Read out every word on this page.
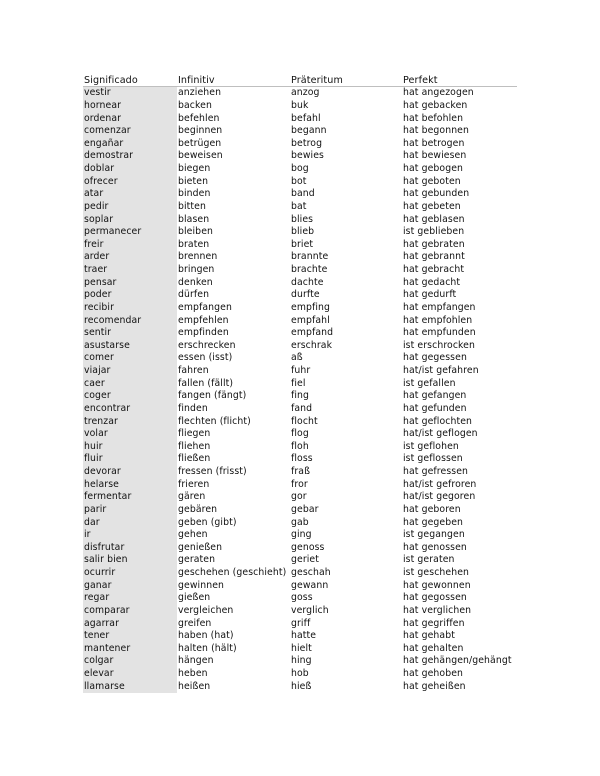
Significado	Infinitiv	Präteritum	Perfekt
vestir	anziehen	anzog	hat angezogen
hornear	backen	buk	hat gebacken
ordenar	befehlen	befahl	hat befohlen
comenzar	beginnen	begann	hat begonnen
engañar	betrügen	betrog	hat betrogen
demostrar	beweisen	bewies	hat bewiesen
doblar	biegen	bog	hat gebogen
ofrecer	bieten	bot	hat geboten
atar	binden	band	hat gebunden
pedir	bitten	bat	hat gebeten
soplar	blasen	blies	hat geblasen
permanecer	bleiben	blieb	ist geblieben
freir	braten	briet	hat gebraten
arder	brennen	brannte	hat gebrannt
traer	bringen	brachte	hat gebracht
pensar	denken	dachte	hat gedacht
poder	dürfen	durfte	hat gedurft
recibir	empfangen	empfing	hat empfangen
recomendar	empfehlen	empfahl	hat empfohlen
sentir	empfinden	empfand	hat empfunden
asustarse	erschrecken	erschrak	ist erschrocken
comer	essen (isst)	aß	hat gegessen
viajar	fahren	fuhr	hat/ist gefahren
caer	fallen (fällt)	fiel	ist gefallen
coger	fangen (fängt)	fing	hat gefangen
encontrar	finden	fand	hat gefunden
trenzar	flechten (flicht)	flocht	hat geflochten
volar	fliegen	flog	hat/ist geflogen
huir	fliehen	floh	ist geflohen
fluir	fließen	floss	ist geflossen
devorar	fressen (frisst)	fraß	hat gefressen
helarse	frieren	fror	hat/ist gefroren
fermentar	gären	gor	hat/ist gegoren
parir	gebären	gebar	hat geboren
dar	geben (gibt)	gab	hat gegeben
ir	gehen	ging	ist gegangen
disfrutar	genießen	genoss	hat genossen
salir bien	geraten	geriet	ist geraten
ocurrir	geschehen (geschieht)	geschah	ist geschehen
ganar	gewinnen	gewann	hat gewonnen
regar	gießen	goss	hat gegossen
comparar	vergleichen	verglich	hat verglichen
agarrar	greifen	griff	hat gegriffen
tener	haben (hat)	hatte	hat gehabt
mantener	halten (hält)	hielt	hat gehalten
colgar	hängen	hing	hat gehängen/gehängt
elevar	heben	hob	hat gehoben
llamarse	heißen	hieß	hat geheißen
